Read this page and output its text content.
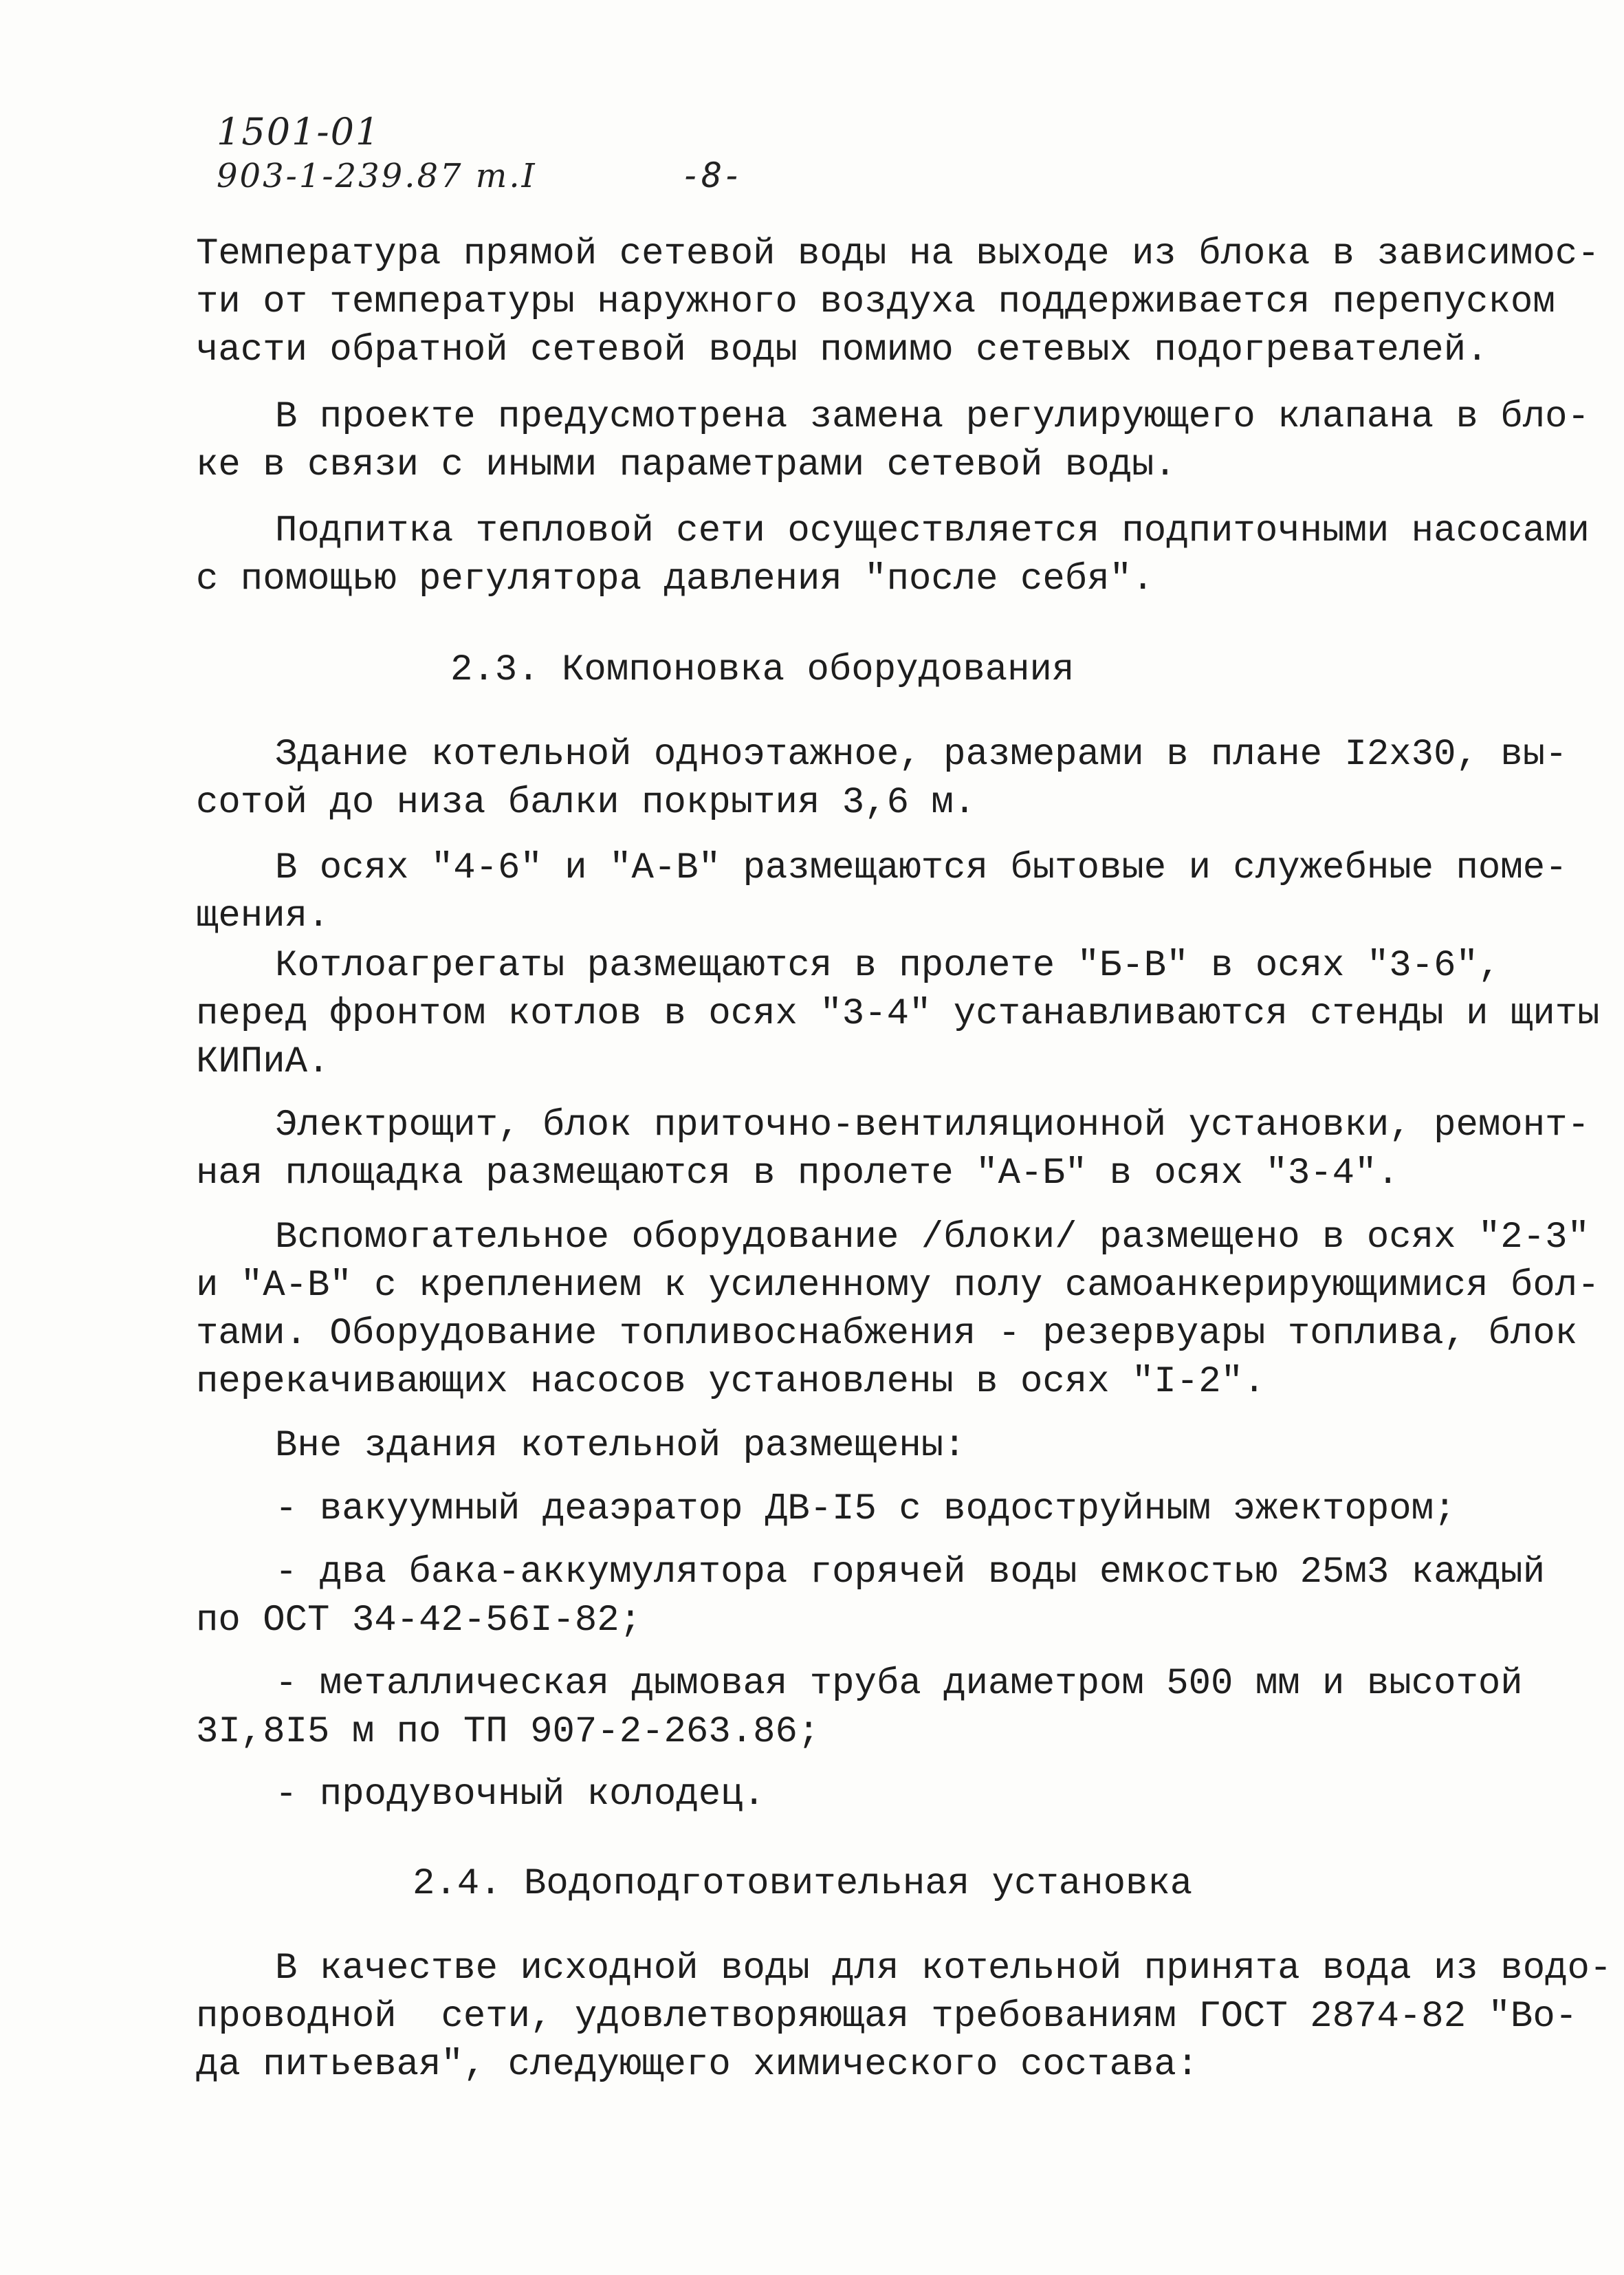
1501-01
903-1-239.87 т.I	-8-
Температура прямой сетевой воды на выходе из блока в зависимос-
ти от температуры наружного воздуха поддерживается перепуском
части обратной сетевой воды помимо сетевых подогревателей.
В проекте предусмотрена замена регулирующего клапана в бло-
ке в связи с иными параметрами сетевой воды.
Подпитка тепловой сети осуществляется подпиточными насосами
с помощью регулятора давления "после себя".
2.3. Компоновка оборудования
Здание котельной одноэтажное, размерами в плане I2х30, вы-
сотой до низа балки покрытия 3,6 м.
В осях "4-6" и "А-В" размещаются бытовые и служебные поме-
щения.
Котлоагрегаты размещаются в пролете "Б-В" в осях "3-6",
перед фронтом котлов в осях "3-4" устанавливаются стенды и щиты
КИПиА.
Электрощит, блок приточно-вентиляционной установки, ремонт-
ная площадка размещаются в пролете "А-Б" в осях "3-4".
Вспомогательное оборудование /блоки/ размещено в осях "2-3"
и "А-В" с креплением к усиленному полу самоанкерирующимися бол-
тами. Оборудование топливоснабжения - резервуары топлива, блок
перекачивающих насосов установлены в осях "I-2".
Вне здания котельной размещены:
- вакуумный деаэратор ДВ-I5 с водоструйным эжектором;
- два бака-аккумулятора горячей воды емкостью 25м3 каждый
по ОСТ 34-42-56I-82;
- металлическая дымовая труба диаметром 500 мм и высотой
3I,8I5 м по ТП 907-2-263.86;
- продувочный колодец.
2.4. Водоподготовительная установка
В качестве исходной воды для котельной принята вода из водо-
проводной  сети, удовлетворяющая требованиям ГОСТ 2874-82 "Во-
да питьевая", следующего химического состава:
